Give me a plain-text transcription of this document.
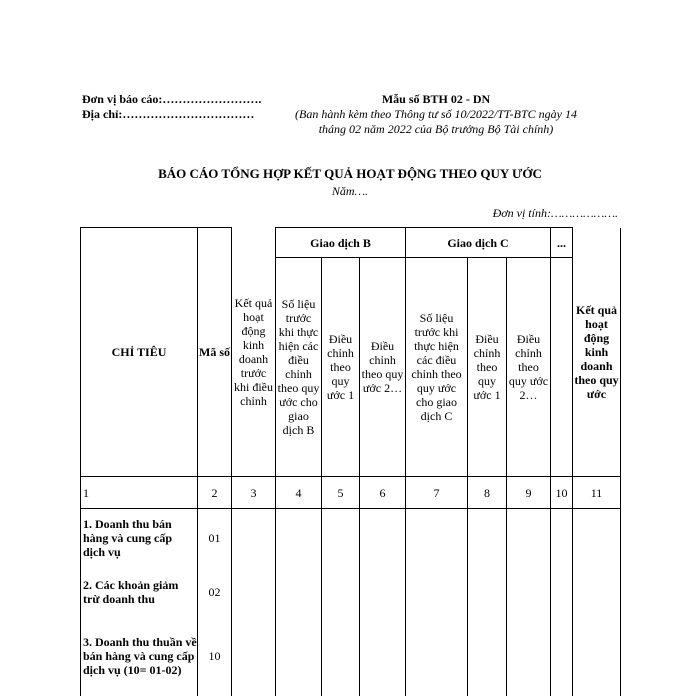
Đơn vị báo cáo:…………………….
Địa chỉ:……………………………
Mẫu số BTH 02 - DN
(Ban hành kèm theo Thông tư số 10/2022/TT-BTC ngày 14 tháng 02 năm 2022 của Bộ trưởng Bộ Tài chính)
BÁO CÁO TỔNG HỢP KẾT QUẢ HOẠT ĐỘNG THEO QUY ƯỚC
Năm….
Đơn vị tính:……………….
CHỈ TIÊU	Mã số	Kết quả hoạt động kinh doanh trước khi điều chỉnh	Giao dịch B			Giao dịch C			...	Kết quả hoạt động kinh doanh theo quy ước

			Số liệu trước khi thực hiện các điều chỉnh theo quy ước cho giao dịch B	Điều chỉnh theo quy ước 1	Điều chỉnh theo quy ước 2…	Số liệu trước khi thực hiện các điều chỉnh theo quy ước cho giao dịch C	Điều chỉnh theo quy ước 1	Điều chỉnh theo quy ước 2…		

1	2	3	4	5	6	7	8	9	10	11
1. Doanh thu bán hàng và cung cấp dịch vụ	01									
2. Các khoản giảm trừ doanh thu	02									
3. Doanh thu thuần về bán hàng và cung cấp dịch vụ (10= 01-02)	10									
